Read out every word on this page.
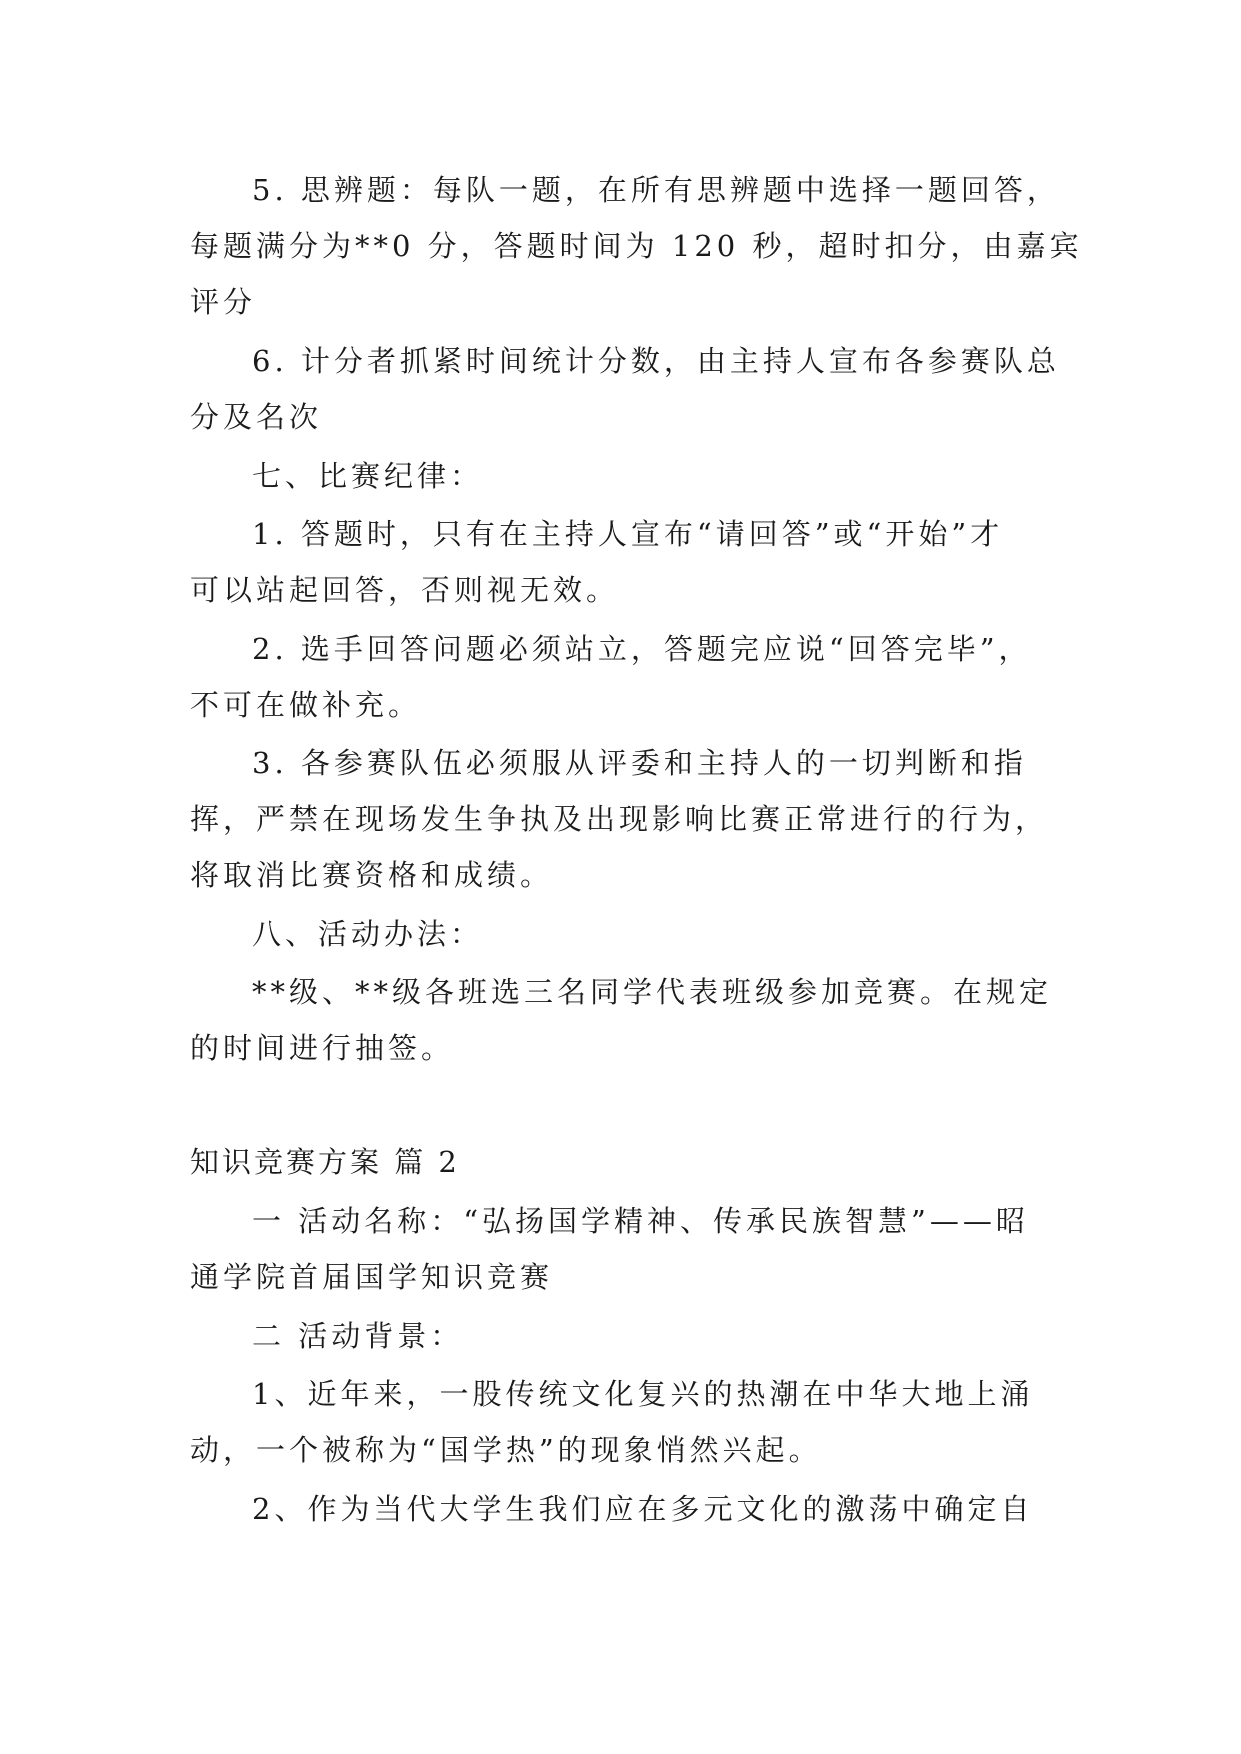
5. 思辨题：每队一题，在所有思辨题中选择一题回答，

每题满分为**0 分，答题时间为 120 秒，超时扣分，由嘉宾

评分

6. 计分者抓紧时间统计分数，由主持人宣布各参赛队总

分及名次

七、比赛纪律：

1. 答题时，只有在主持人宣布“请回答”或“开始”才

可以站起回答，否则视无效。

2. 选手回答问题必须站立，答题完应说“回答完毕”，

不可在做补充。

3. 各参赛队伍必须服从评委和主持人的一切判断和指

挥，严禁在现场发生争执及出现影响比赛正常进行的行为，

将取消比赛资格和成绩。

八、活动办法：

**级、**级各班选三名同学代表班级参加竞赛。在规定

的时间进行抽签。

知识竞赛方案 篇 2

一 活动名称：“弘扬国学精神、传承民族智慧”——昭

通学院首届国学知识竞赛

二 活动背景：

1、近年来，一股传统文化复兴的热潮在中华大地上涌

动，一个被称为“国学热”的现象悄然兴起。

2、作为当代大学生我们应在多元文化的激荡中确定自
